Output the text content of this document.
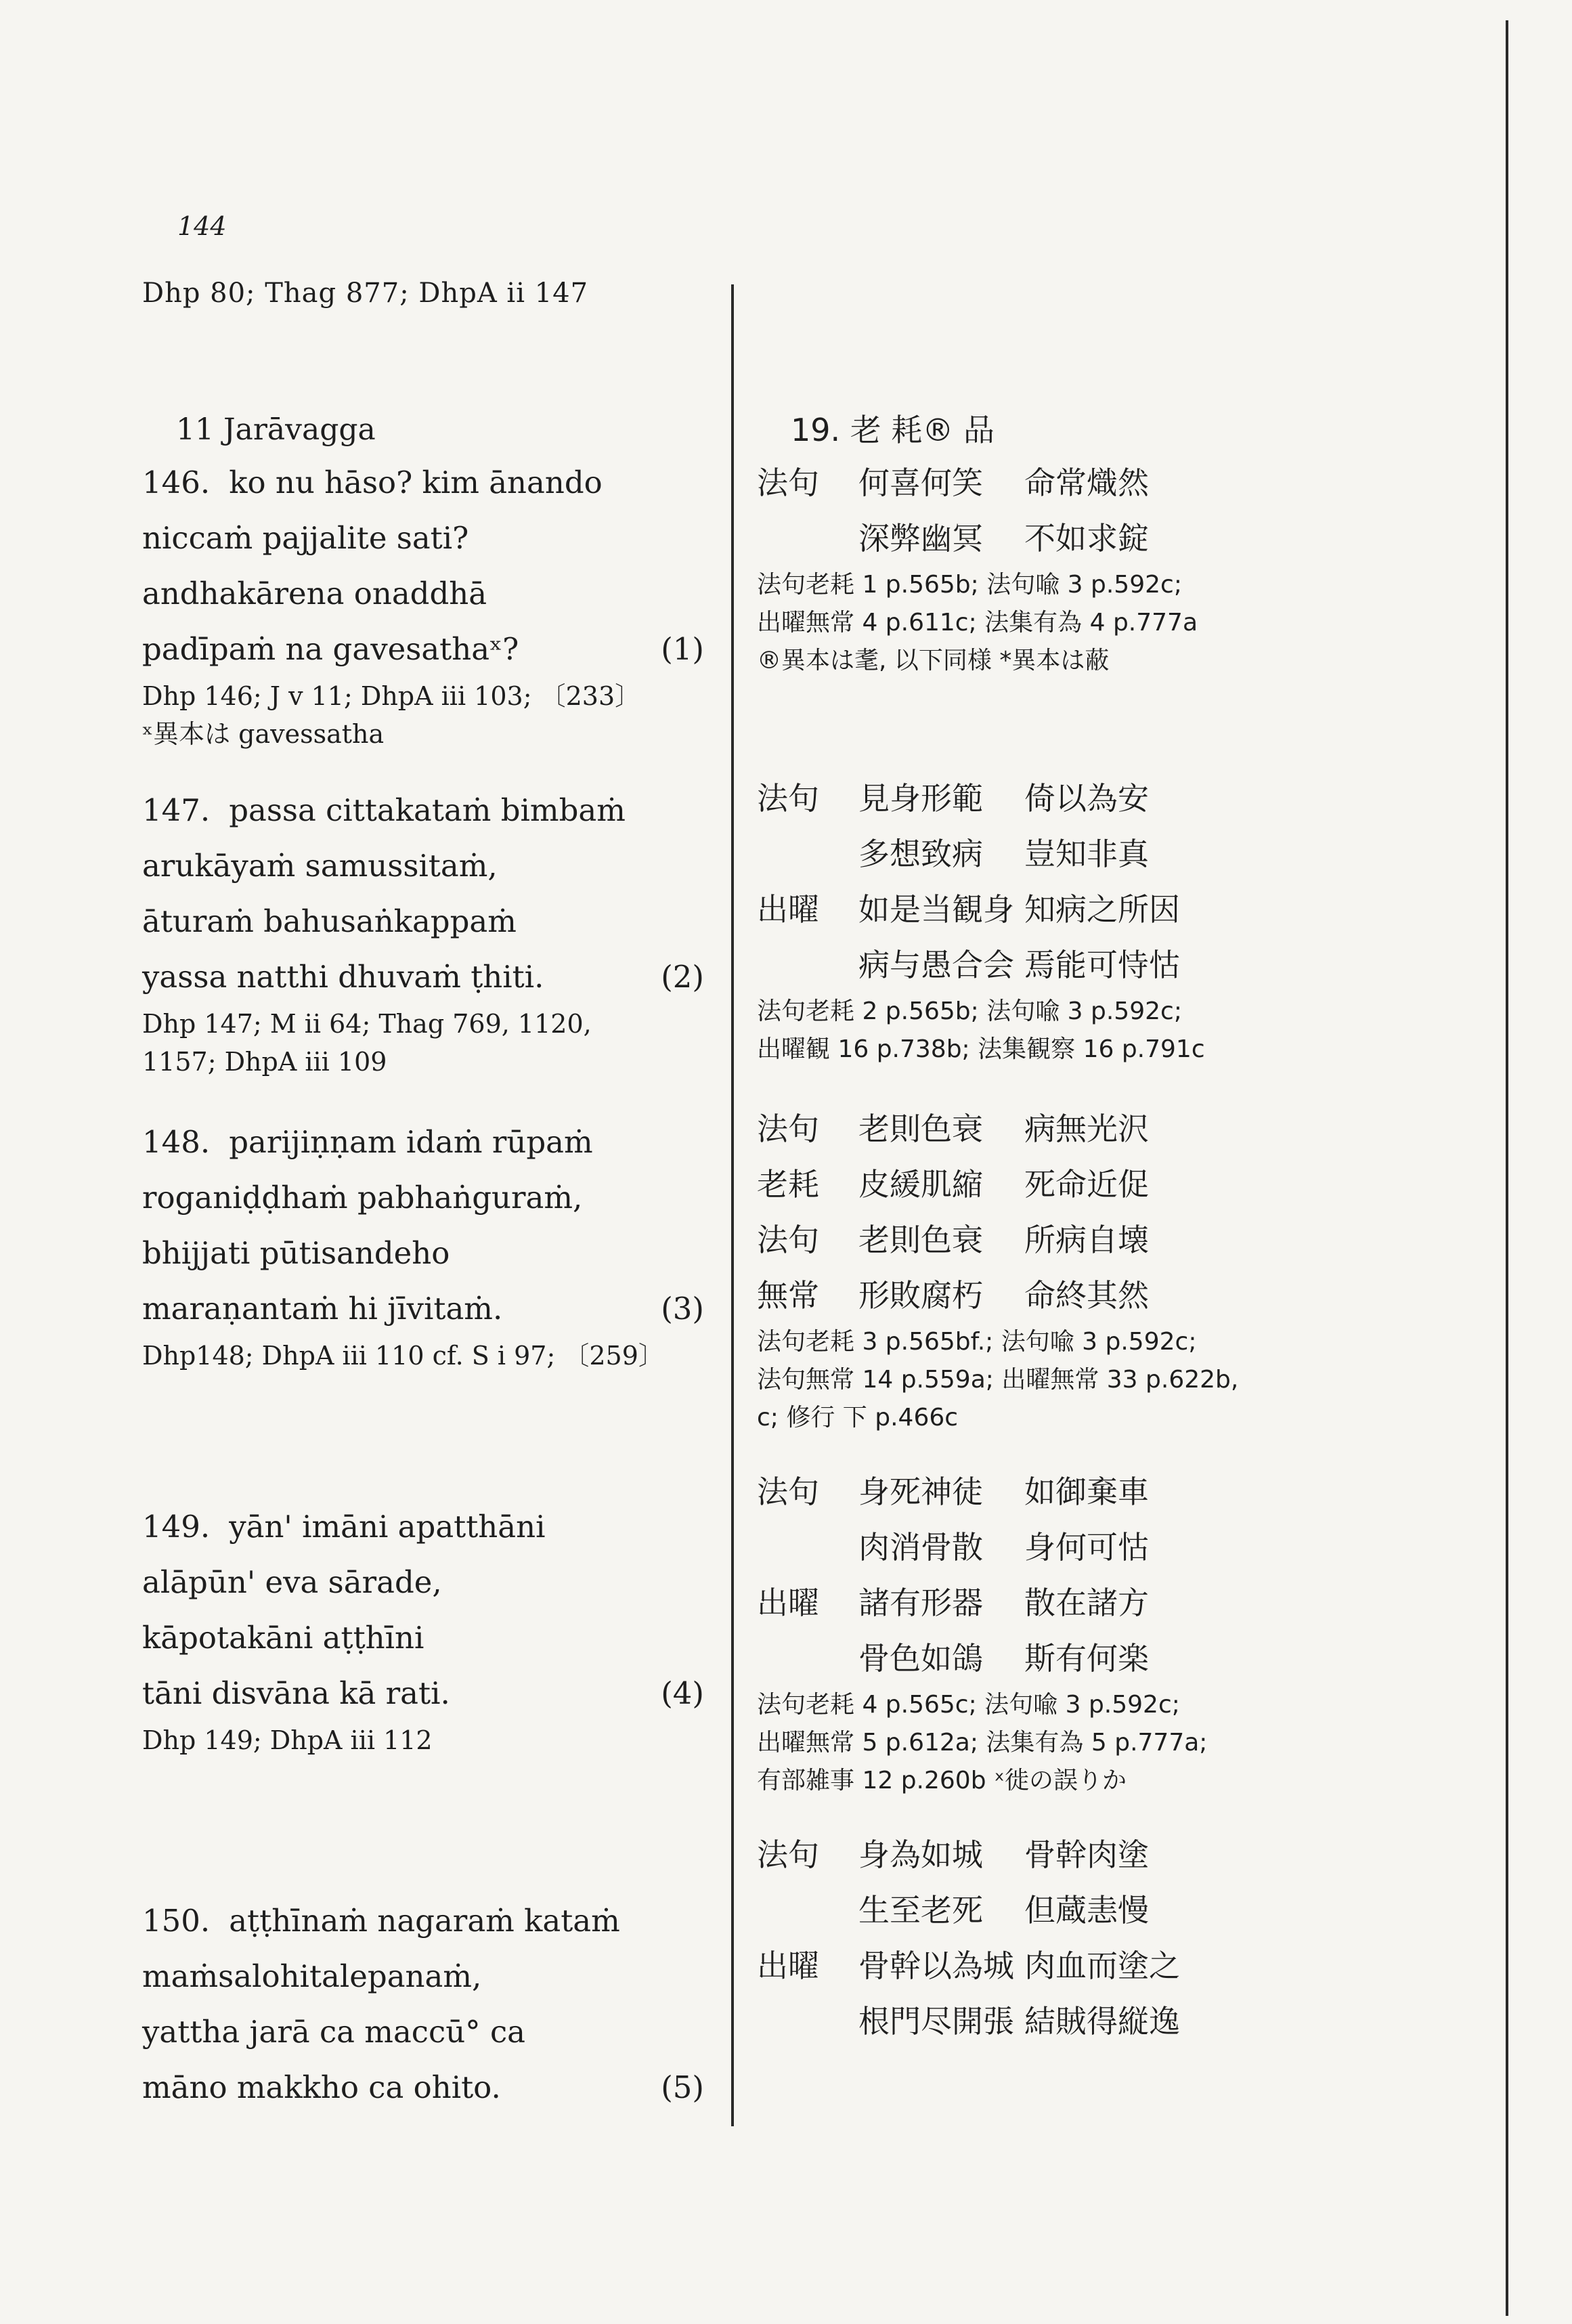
144
Dhp 80; Thag 877; DhpA ii 147
11 Jarāvagga
146. ko nu hāso? kim ānando
niccaṁ pajjalite sati?
andhakārena onaddhā
padīpaṁ na gavesathaˣ?	(1)
Dhp 146; J v 11; DhpA iii 103; 〔233〕
ˣ異本は gavessatha
147. passa cittakataṁ bimbaṁ
arukāyaṁ samussitaṁ,
āturaṁ bahusaṅkappaṁ
yassa natthi dhuvaṁ ṭhiti.	(2)
Dhp 147; M ii 64; Thag 769, 1120,
1157; DhpA iii 109
148. parijiṇṇam idaṁ rūpaṁ
roganiḍḍhaṁ pabhaṅguraṁ,
bhijjati pūtisandeho
maraṇantaṁ hi jīvitaṁ.	(3)
Dhp148; DhpA iii 110 cf. S i 97; 〔259〕
149. yān' imāni apatthāni
alāpūn' eva sārade,
kāpotakāni aṭṭhīni
tāni disvāna kā rati.	(4)
Dhp 149; DhpA iii 112
150. aṭṭhīnaṁ nagaraṁ kataṁ
maṁsalohitalepanaṁ,
yattha jarā ca maccū° ca
māno makkho ca ohito.	(5)
19. 老 耗® 品
法句 何喜何笑 命常熾然
深弊幽冥 不如求錠
法句老耗 1 p.565b; 法句喩 3 p.592c;
出曜無常 4 p.611c; 法集有為 4 p.777a
®異本は耄, 以下同様 *異本は蔽
法句 見身形範 倚以為安
多想致病 豈知非真
出曜 如是当観身 知病之所因
病与愚合会 焉能可恃怙
法句老耗 2 p.565b; 法句喩 3 p.592c;
出曜観 16 p.738b; 法集観察 16 p.791c
法句 老則色衰 病無光沢
老耗 皮緩肌縮 死命近促
法句 老則色衰 所病自壊
無常 形敗腐朽 命終其然
法句老耗 3 p.565bf.; 法句喩 3 p.592c;
法句無常 14 p.559a; 出曜無常 33 p.622b,
c; 修行 下 p.466c
法句 身死神徒 如御棄車
肉消骨散 身何可怙
出曜 諸有形器 散在諸方
骨色如鴿 斯有何楽
法句老耗 4 p.565c; 法句喩 3 p.592c;
出曜無常 5 p.612a; 法集有為 5 p.777a;
有部雑事 12 p.260b ˣ徙の誤りか
法句 身為如城 骨幹肉塗
生至老死 但蔵恚慢
出曜 骨幹以為城 肉血而塗之
根門尽開張 結賊得縦逸
